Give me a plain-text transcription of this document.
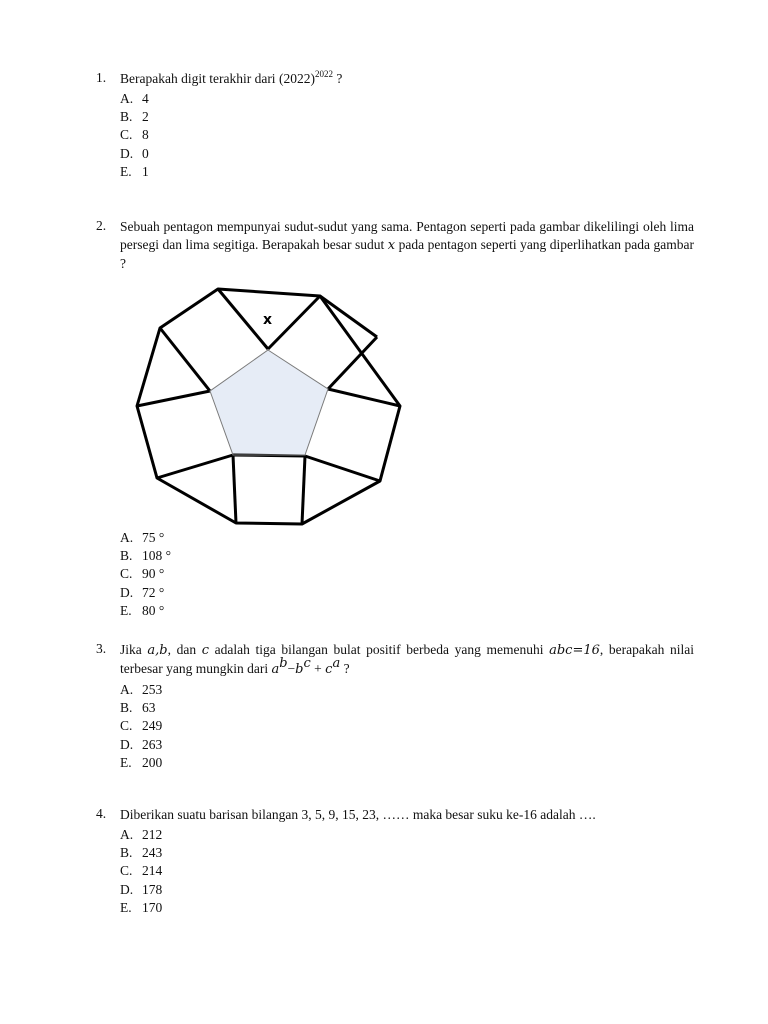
1. Berapakah digit terakhir dari $(2022)^{2022}$ ?
A. 4
B. 2
C. 8
D. 0
E. 1
2. Sebuah pentagon mempunyai sudut-sudut yang sama. Pentagon seperti pada gambar dikelilingi oleh lima persegi dan lima segitiga. Berapakah besar sudut x pada pentagon seperti yang diperlihatkan pada gambar ?
x
A. 75 °
B. 108 °
C. 90 °
D. 72 °
E. 80 °
3. Jika a,b, dan c adalah tiga bilangan bulat positif berbeda yang memenuhi abc=16, berapakah nilai terbesar yang mungkin dari $a^b-b^c + c^a$ ?
A. 253
B. 63
C. 249
D. 263
E. 200
4. Diberikan suatu barisan bilangan 3, 5, 9, 15, 23, …… maka besar suku ke-16 adalah ….
A. 212
B. 243
C. 214
D. 178
E. 170
